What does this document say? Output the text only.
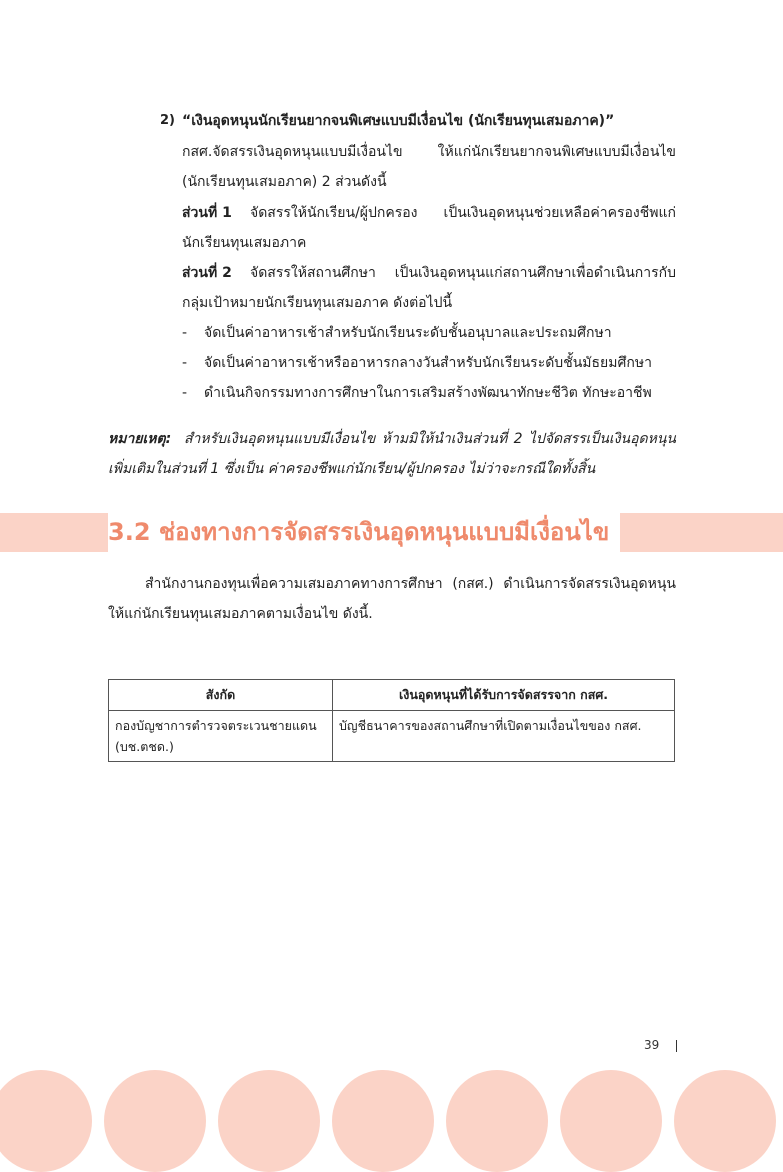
2) “เงินอุดหนุนนักเรียนยากจนพิเศษแบบมีเงื่อนไข (นักเรียนทุนเสมอภาค)”
กสศ.จัดสรรเงินอุดหนุนแบบมีเงื่อนไข ให้แก่นักเรียนยากจนพิเศษแบบมีเงื่อนไข
(นักเรียนทุนเสมอภาค) 2 ส่วนดังนี้
ส่วนที่ 1 จัดสรรให้นักเรียน/ผู้ปกครอง เป็นเงินอุดหนุนช่วยเหลือค่าครองชีพแก่
นักเรียนทุนเสมอภาค
ส่วนที่ 2 จัดสรรให้สถานศึกษา เป็นเงินอุดหนุนแก่สถานศึกษาเพื่อดำเนินการกับ
กลุ่มเป้าหมายนักเรียนทุนเสมอภาค ดังต่อไปนี้
- จัดเป็นค่าอาหารเช้าสำหรับนักเรียนระดับชั้นอนุบาลและประถมศึกษา
- จัดเป็นค่าอาหารเช้าหรืออาหารกลางวันสำหรับนักเรียนระดับชั้นมัธยมศึกษา
- ดำเนินกิจกรรมทางการศึกษาในการเสริมสร้างพัฒนาทักษะชีวิต ทักษะอาชีพ
หมายเหตุ: สำหรับเงินอุดหนุนแบบมีเงื่อนไข ห้ามมิให้นำเงินส่วนที่ 2 ไปจัดสรรเป็นเงินอุดหนุน
เพิ่มเติมในส่วนที่ 1 ซึ่งเป็น ค่าครองชีพแก่นักเรียน/ผู้ปกครอง ไม่ว่าจะกรณีใดทั้งสิ้น
3.2 ช่องทางการจัดสรรเงินอุดหนุนแบบมีเงื่อนไข
สำนักงานกองทุนเพื่อความเสมอภาคทางการศึกษา (กสศ.) ดำเนินการจัดสรรเงินอุดหนุน
ให้แก่นักเรียนทุนเสมอภาคตามเงื่อนไข ดังนี้.
สังกัด	เงินอุดหนุนที่ได้รับการจัดสรรจาก กสศ.
กองบัญชาการตำรวจตระเวนชายแดน (บช.ตชด.)	บัญชีธนาคารของสถานศึกษาที่เปิดตามเงื่อนไขของ กสศ.
39
